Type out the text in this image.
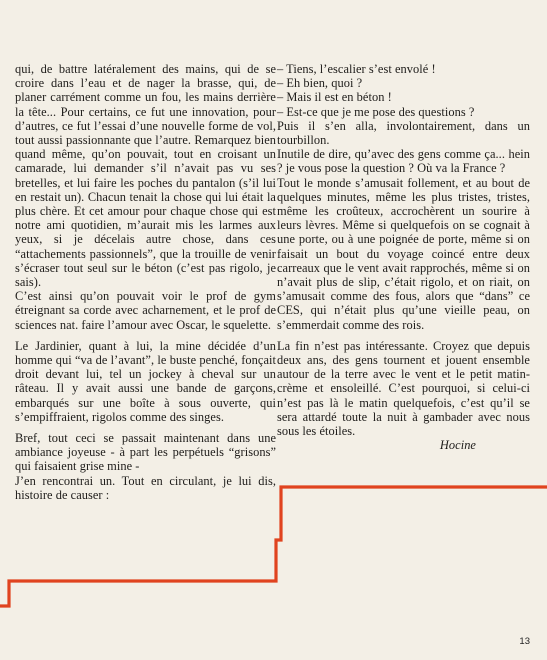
qui, de battre latéralement des mains, qui de se croire dans l’eau et de nager la brasse, qui, de planer carrément comme un fou, les mains derrière la tête... Pour certains, ce fut une innovation, pour d’autres, ce fut l’essai d’une nouvelle forme de vol, tout aussi passionnante que l’autre. Remarquez bien quand même, qu’on pouvait, tout en croisant un camarade, lui demander s’il n’avait pas vu ses bretelles, et lui faire les poches du pantalon (s’il lui en restait un). Chacun tenait la chose qui lui était la plus chère. Et cet amour pour chaque chose qui est notre ami quotidien, m’aurait mis les larmes aux yeux, si je décelais autre chose, dans ces “attachements passionnels”, que la trouille de venir s’écraser tout seul sur le béton (c’est pas rigolo, je sais).

C’est ainsi qu’on pouvait voir le prof de gym étreignant sa corde avec acharnement, et le prof de sciences nat. faire l’amour avec Oscar, le squelette.

Le Jardinier, quant à lui, la mine décidée d’un homme qui “va de l’avant”, le buste penché, fonçait droit devant lui, tel un jockey à cheval sur un râteau. Il y avait aussi une bande de garçons, embarqués sur une boîte à sous ouverte, qui s’empiffraient, rigolos comme des singes.

Bref, tout ceci se passait maintenant dans une ambiance joyeuse - à part les perpétuels “grisons” qui faisaient grise mine -

J’en rencontrai un. Tout en circulant, je lui dis, histoire de causer :

– Tiens, l’escalier s’est envolé !

– Eh bien, quoi ?

– Mais il est en béton !

– Est-ce que je me pose des questions ?

Puis il s’en alla, involontairement, dans un tourbillon.

Inutile de dire, qu’avec des gens comme ça... hein ? je vous pose la question ? Où va la France ?

Tout le monde s’amusait follement, et au bout de quelques minutes, même les plus tristes, tristes, même les croûteux, accrochèrent un sourire à leurs lèvres. Même si quelquefois on se cognait à une porte, ou à une poignée de porte, même si on faisait un bout du voyage coincé entre deux carreaux que le vent avait rapprochés, même si on n’avait plus de slip, c’était rigolo, et on riait, on s’amusait comme des fous, alors que “dans” ce CES, qui n’était plus qu’une vieille peau, on s’emmerdait comme des rois.

La fin n’est pas intéressante. Croyez que depuis deux ans, des gens tournent et jouent ensemble autour de la terre avec le vent et le petit matin-crème et ensoleillé. C’est pourquoi, si celui-ci n’est pas là le matin quelquefois, c’est qu’il se sera attardé toute la nuit à gambader avec nous sous les étoiles.

Hocine

13
